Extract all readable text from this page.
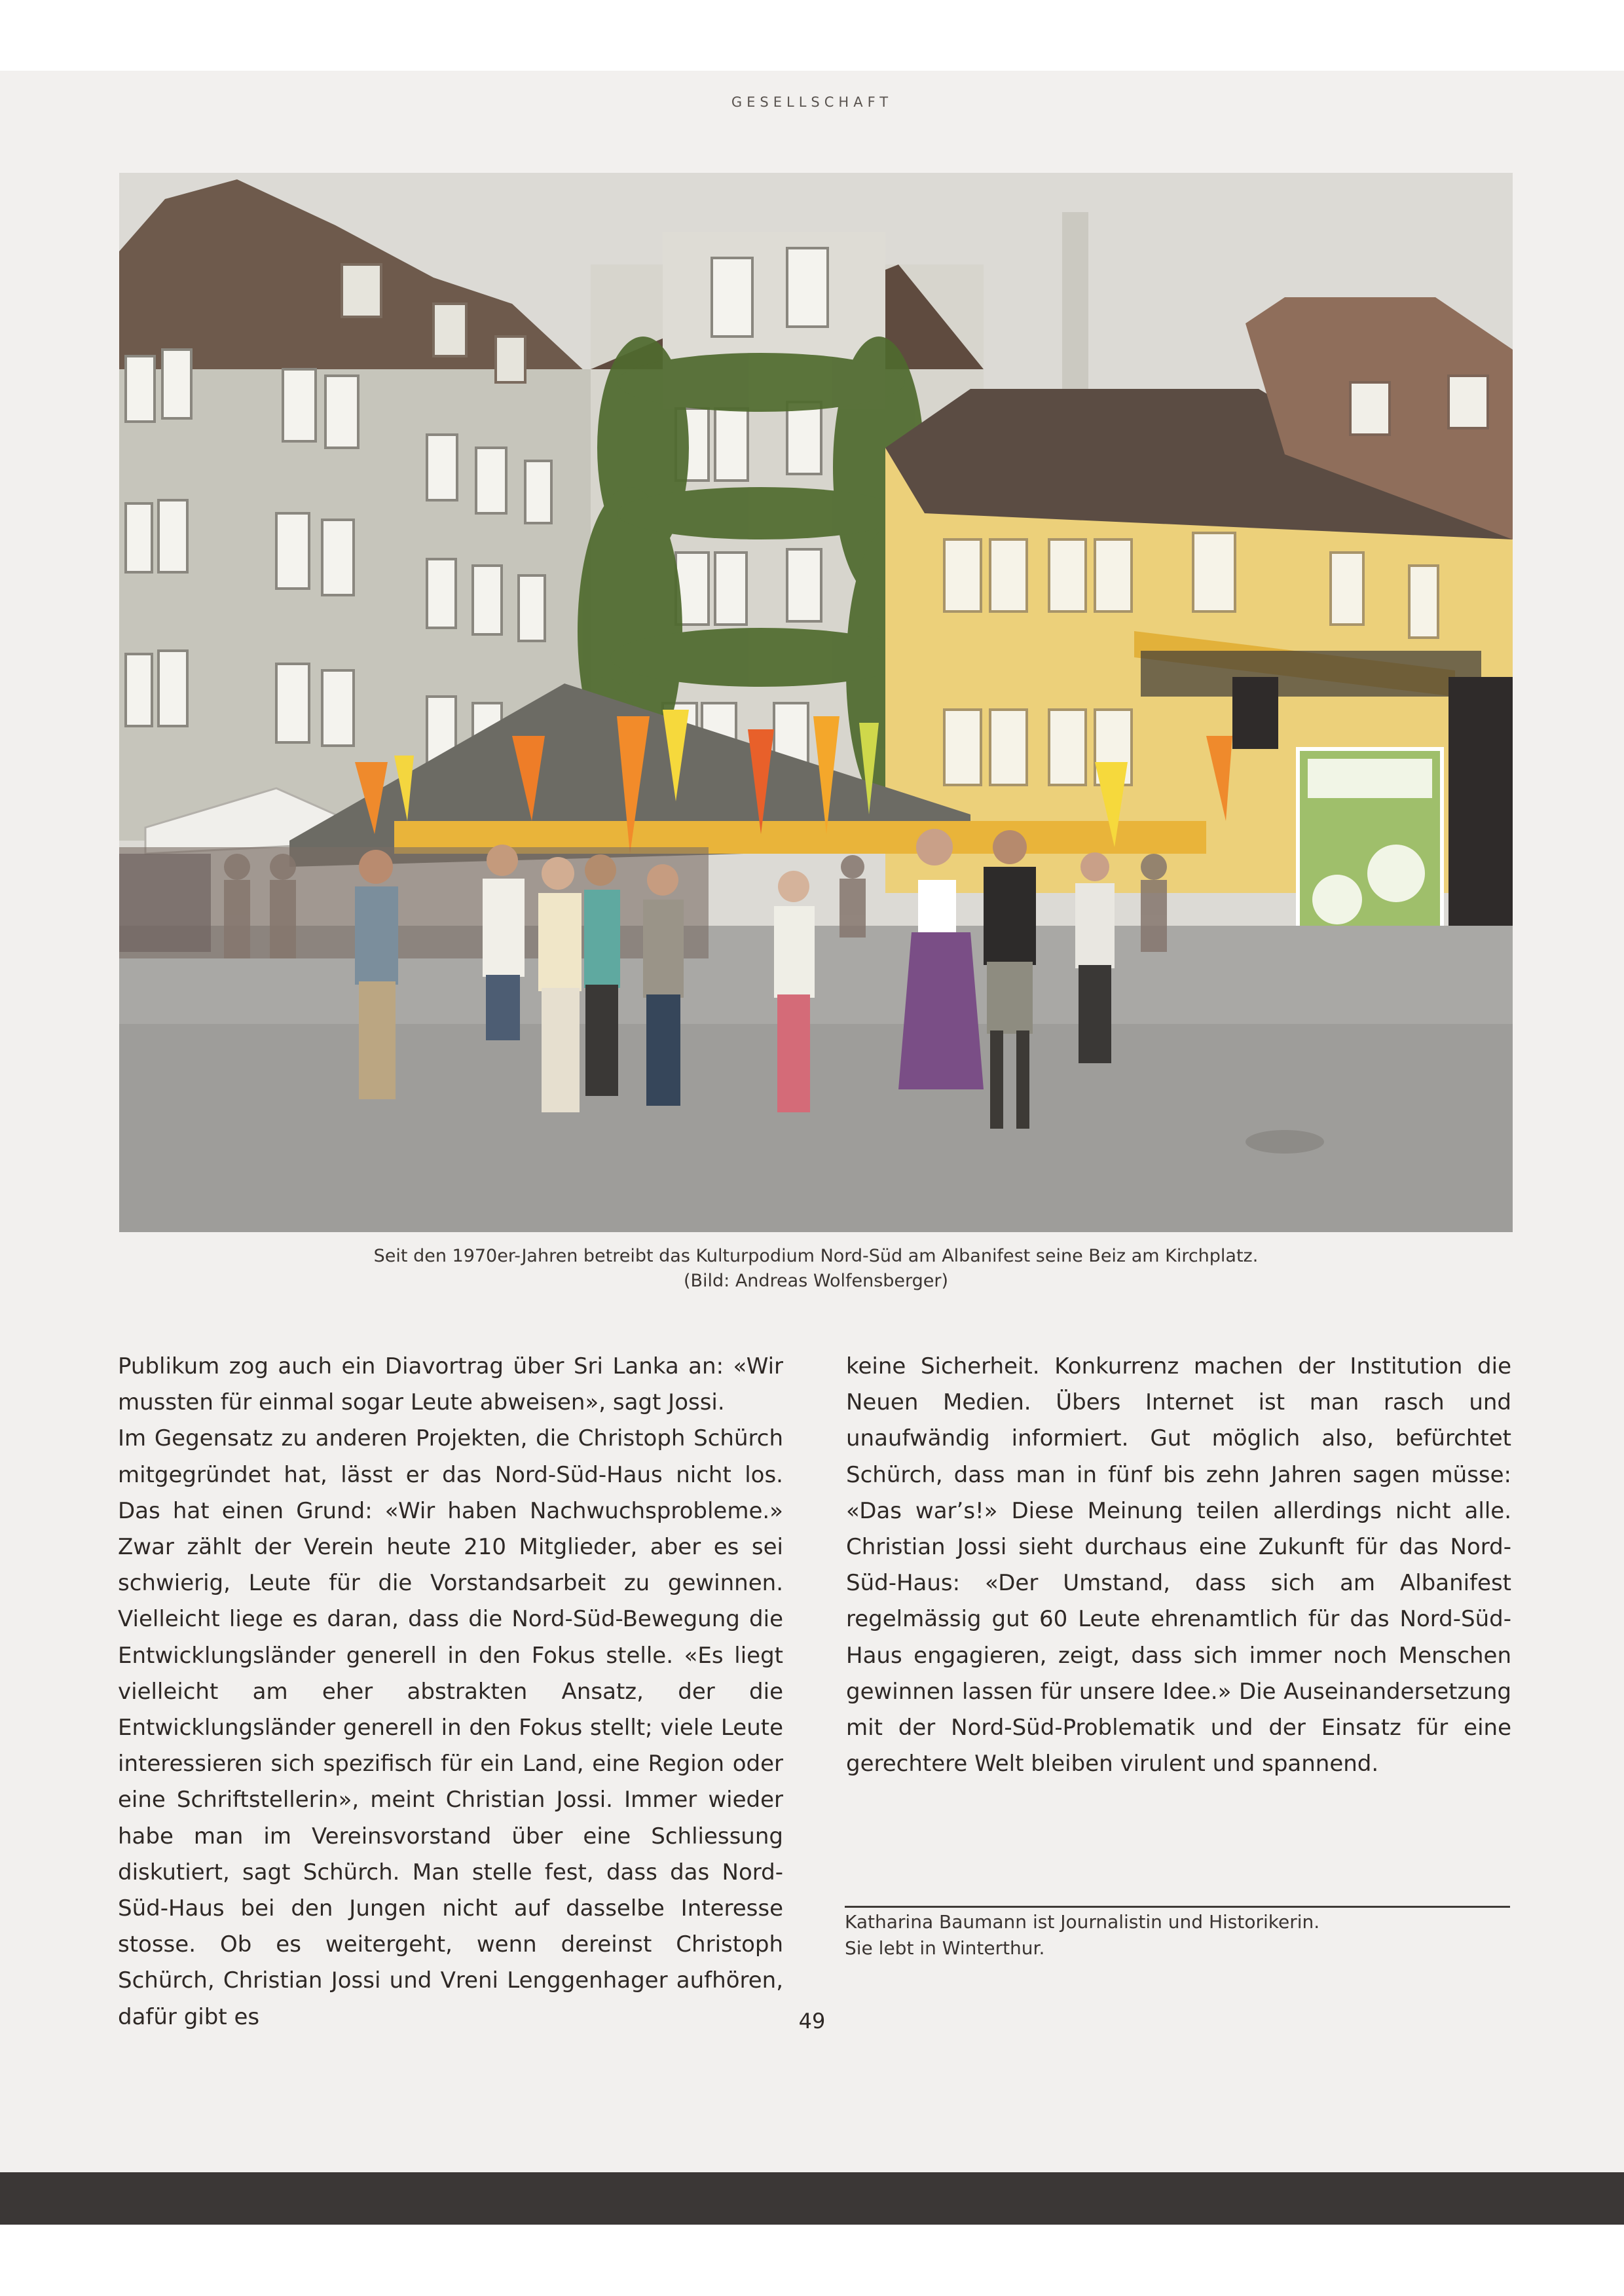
GESELLSCHAFT
Seit den 1970er-Jahren betreibt das Kulturpodium Nord-Süd am Albanifest seine Beiz am Kirchplatz.
(Bild: Andreas Wolfensberger)

Publikum zog auch ein Diavortrag über Sri Lanka an: «Wir mussten für einmal sogar Leute abweisen», sagt Jossi.

Im Gegensatz zu anderen Projekten, die Christoph Schürch mitgegründet hat, lässt er das Nord-Süd-Haus nicht los. Das hat einen Grund: «Wir haben Nachwuchsprobleme.» Zwar zählt der Verein heute 210 Mitglieder, aber es sei schwierig, Leute für die Vorstandsarbeit zu gewinnen. Vielleicht liege es daran, dass die Nord-Süd-Bewegung die Entwicklungsländer generell in den Fokus stelle. «Es liegt vielleicht am eher abstrakten Ansatz, der die Entwicklungsländer generell in den Fokus stellt; viele Leute interessieren sich spezifisch für ein Land, eine Region oder eine Schriftstellerin», meint Christian Jossi. Immer wieder habe man im Vereinsvorstand über eine Schliessung diskutiert, sagt Schürch. Man stelle fest, dass das Nord-Süd-Haus bei den Jungen nicht auf dasselbe Interesse stosse. Ob es weitergeht, wenn dereinst Christoph Schürch, Christian Jossi und Vreni Lenggenhager aufhören, dafür gibt es

keine Sicherheit. Konkurrenz machen der Institution die Neuen Medien. Übers Internet ist man rasch und unaufwändig informiert. Gut möglich also, befürchtet Schürch, dass man in fünf bis zehn Jahren sagen müsse: «Das war’s!» Diese Meinung teilen allerdings nicht alle. Christian Jossi sieht durchaus eine Zukunft für das Nord-Süd-Haus: «Der Umstand, dass sich am Albanifest regelmässig gut 60 Leute ehrenamtlich für das Nord-Süd-Haus engagieren, zeigt, dass sich immer noch Menschen gewinnen lassen für unsere Idee.» Die Auseinandersetzung mit der Nord-Süd-Problematik und der Einsatz für eine gerechtere Welt bleiben virulent und spannend.

Katharina Baumann ist Journalistin und Historikerin.
Sie lebt in Winterthur.
49
